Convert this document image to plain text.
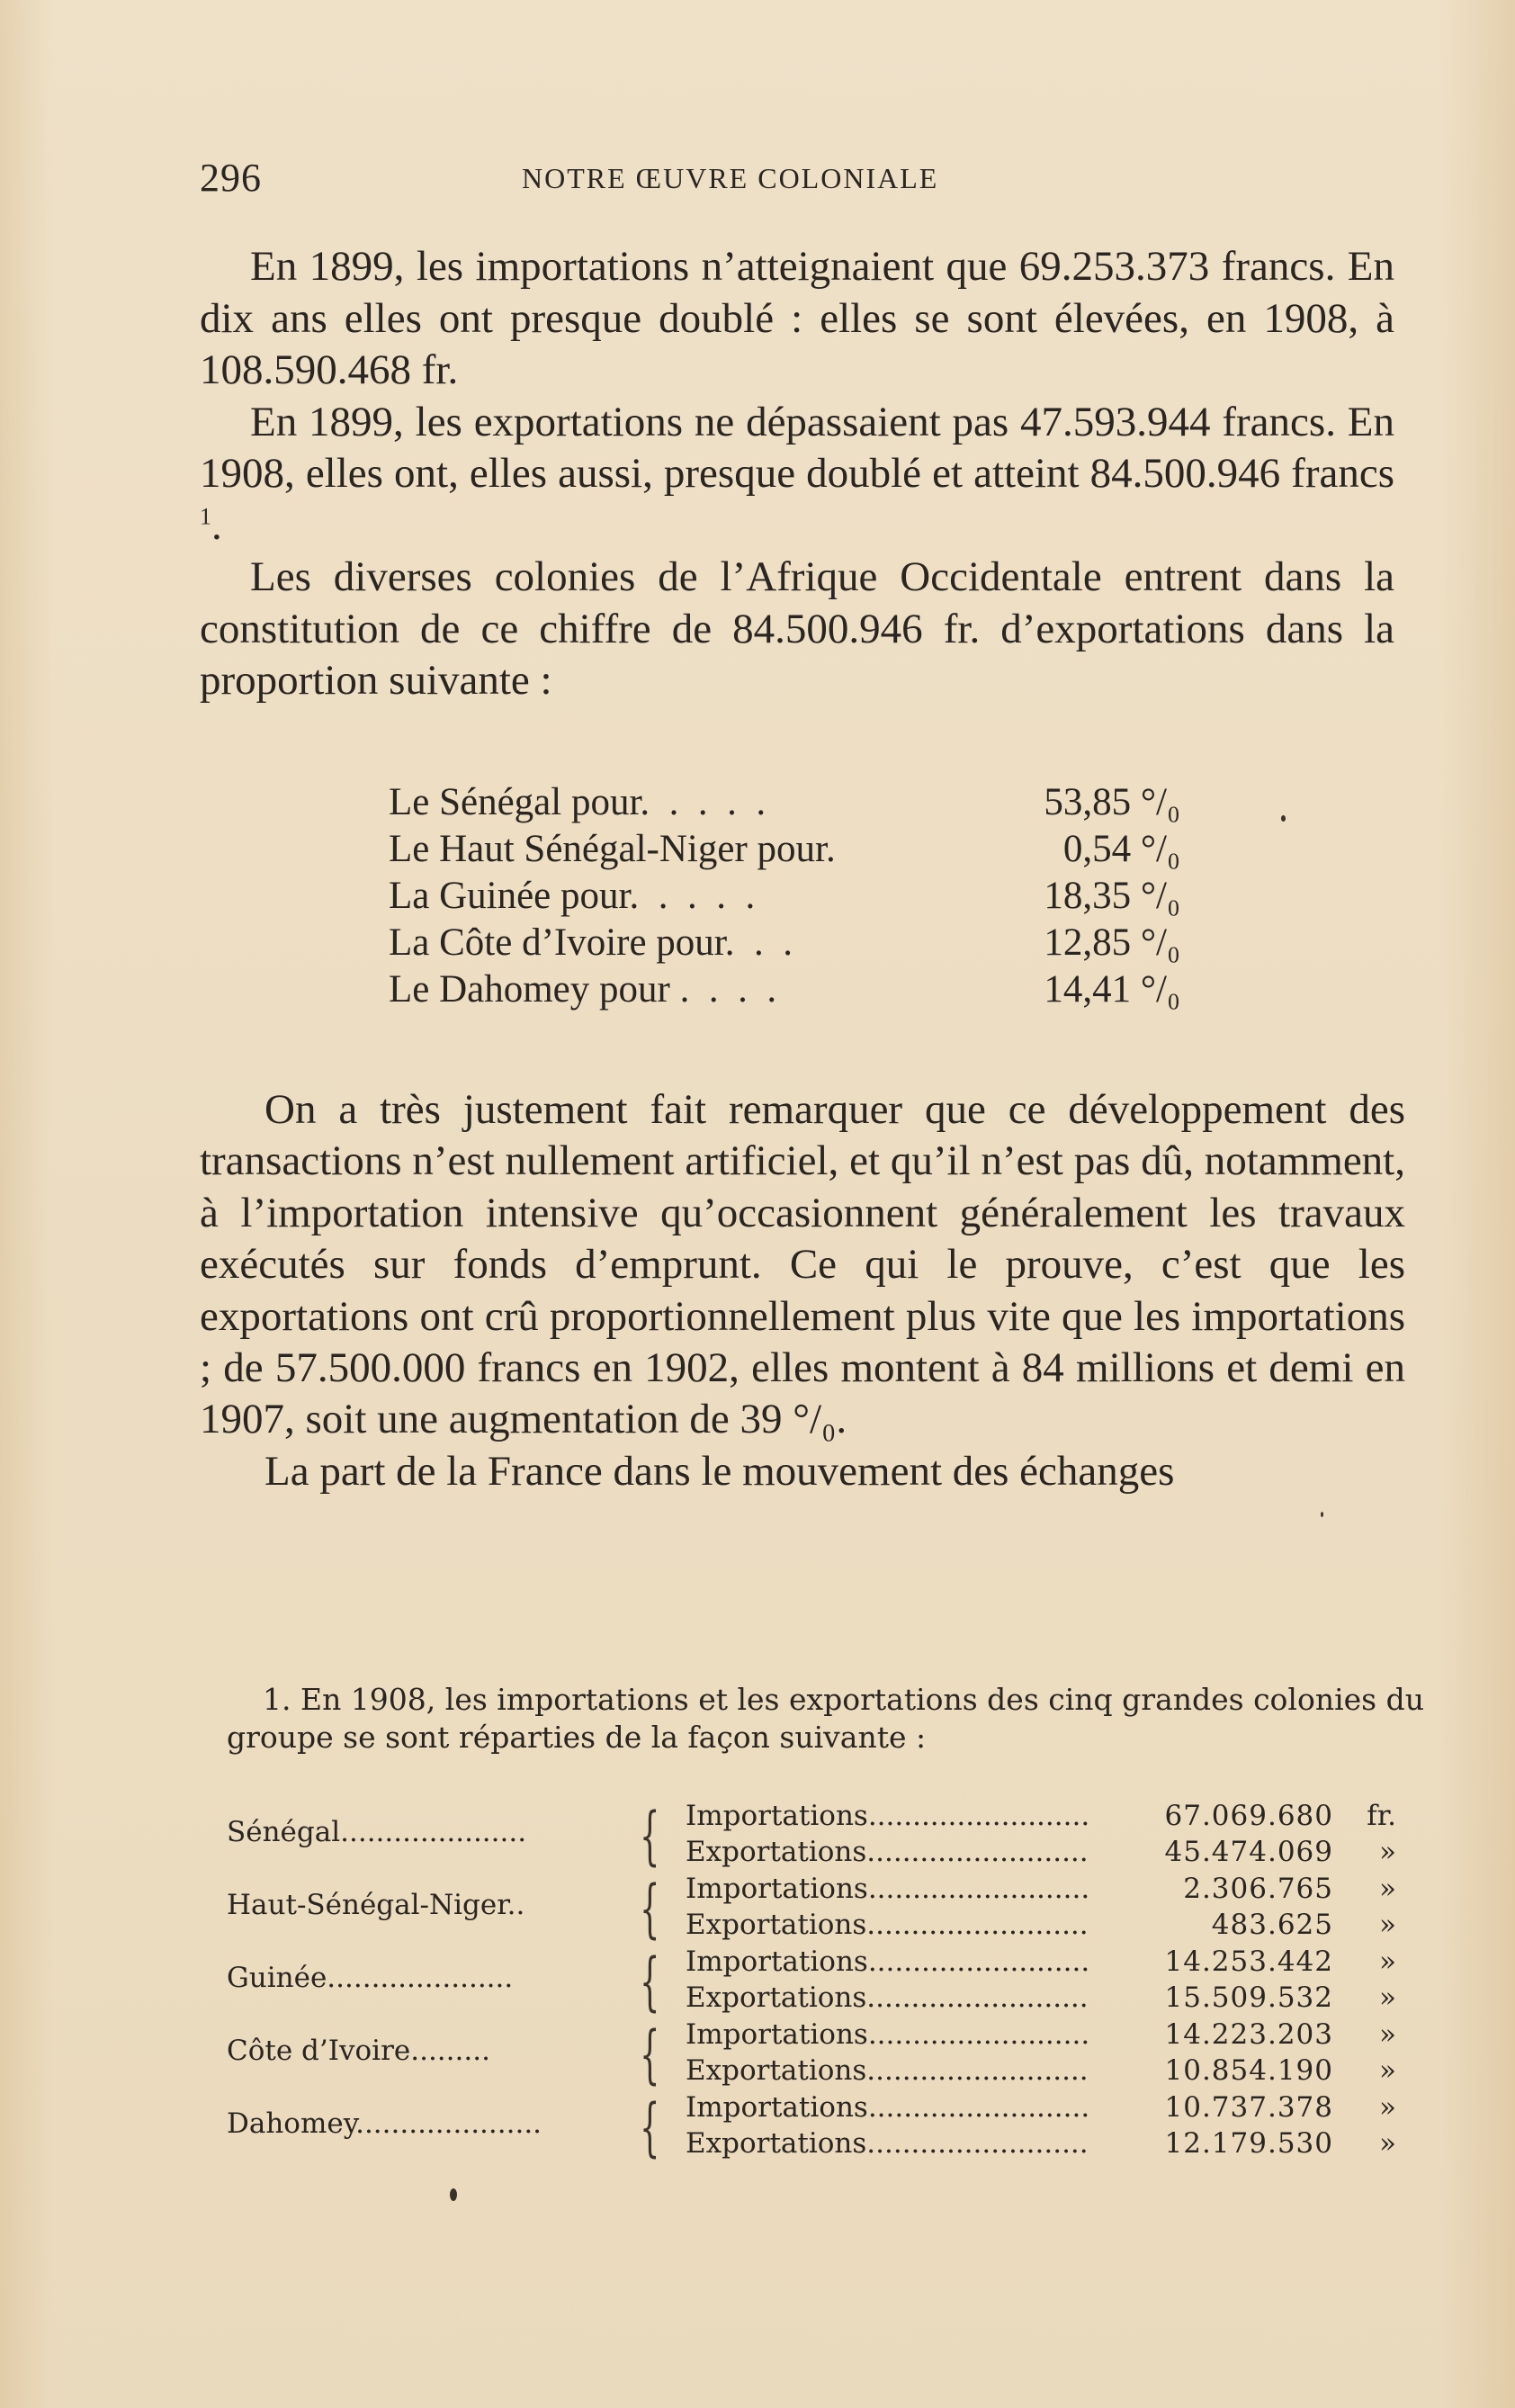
296	NOTRE ŒUVRE COLONIALE

En 1899, les importations n’atteignaient que 69.253.373 francs. En dix ans elles ont presque doublé : elles se sont élevées, en 1908, à 108.590.468 fr.

En 1899, les exportations ne dépassaient pas 47.593.944 francs. En 1908, elles ont, elles aussi, presque doublé et atteint 84.500.946 francs $^1$.

Les diverses colonies de l’Afrique Occidentale entrent dans la constitution de ce chiffre de 84.500.946 fr. d’exportations dans la proportion suivante :

Le Sénégal pour.  .  .  .  .	53,85 °/₀
Le Haut Sénégal-Niger pour.	0,54 °/₀
La Guinée pour.  .  .  .  .	18,35 °/₀
La Côte d’Ivoire pour.  .  .	12,85 °/₀
Le Dahomey pour .  .  .  .	14,41 °/₀

On a très justement fait remarquer que ce développement des transactions n’est nullement artificiel, et qu’il n’est pas dû, notamment, à l’importation intensive qu’occasionnent généralement les travaux exécutés sur fonds d’emprunt. Ce qui le prouve, c’est que les exportations ont crû proportionnellement plus vite que les importations ; de 57.500.000 francs en 1902, elles montent à 84 millions et demi en 1907, soit une augmentation de 39 °/₀.

La part de la France dans le mouvement des échanges

1. En 1908, les importations et les exportations des cinq grandes colonies du groupe se sont réparties de la façon suivante :

Sénégal.....................	{ Importations.........................	67.069.680	fr.
Exportations.........................	45.474.069	»
Haut-Sénégal-Niger..	{ Importations.........................	2.306.765	»
Exportations.........................	483.625	»
Guinée.....................	{ Importations.........................	14.253.442	»
Exportations.........................	15.509.532	»
Côte d’Ivoire.........	{ Importations.........................	14.223.203	»
Exportations.........................	10.854.190	»
Dahomey.....................	{ Importations.........................	10.737.378	»
Exportations.........................	12.179.530	»
